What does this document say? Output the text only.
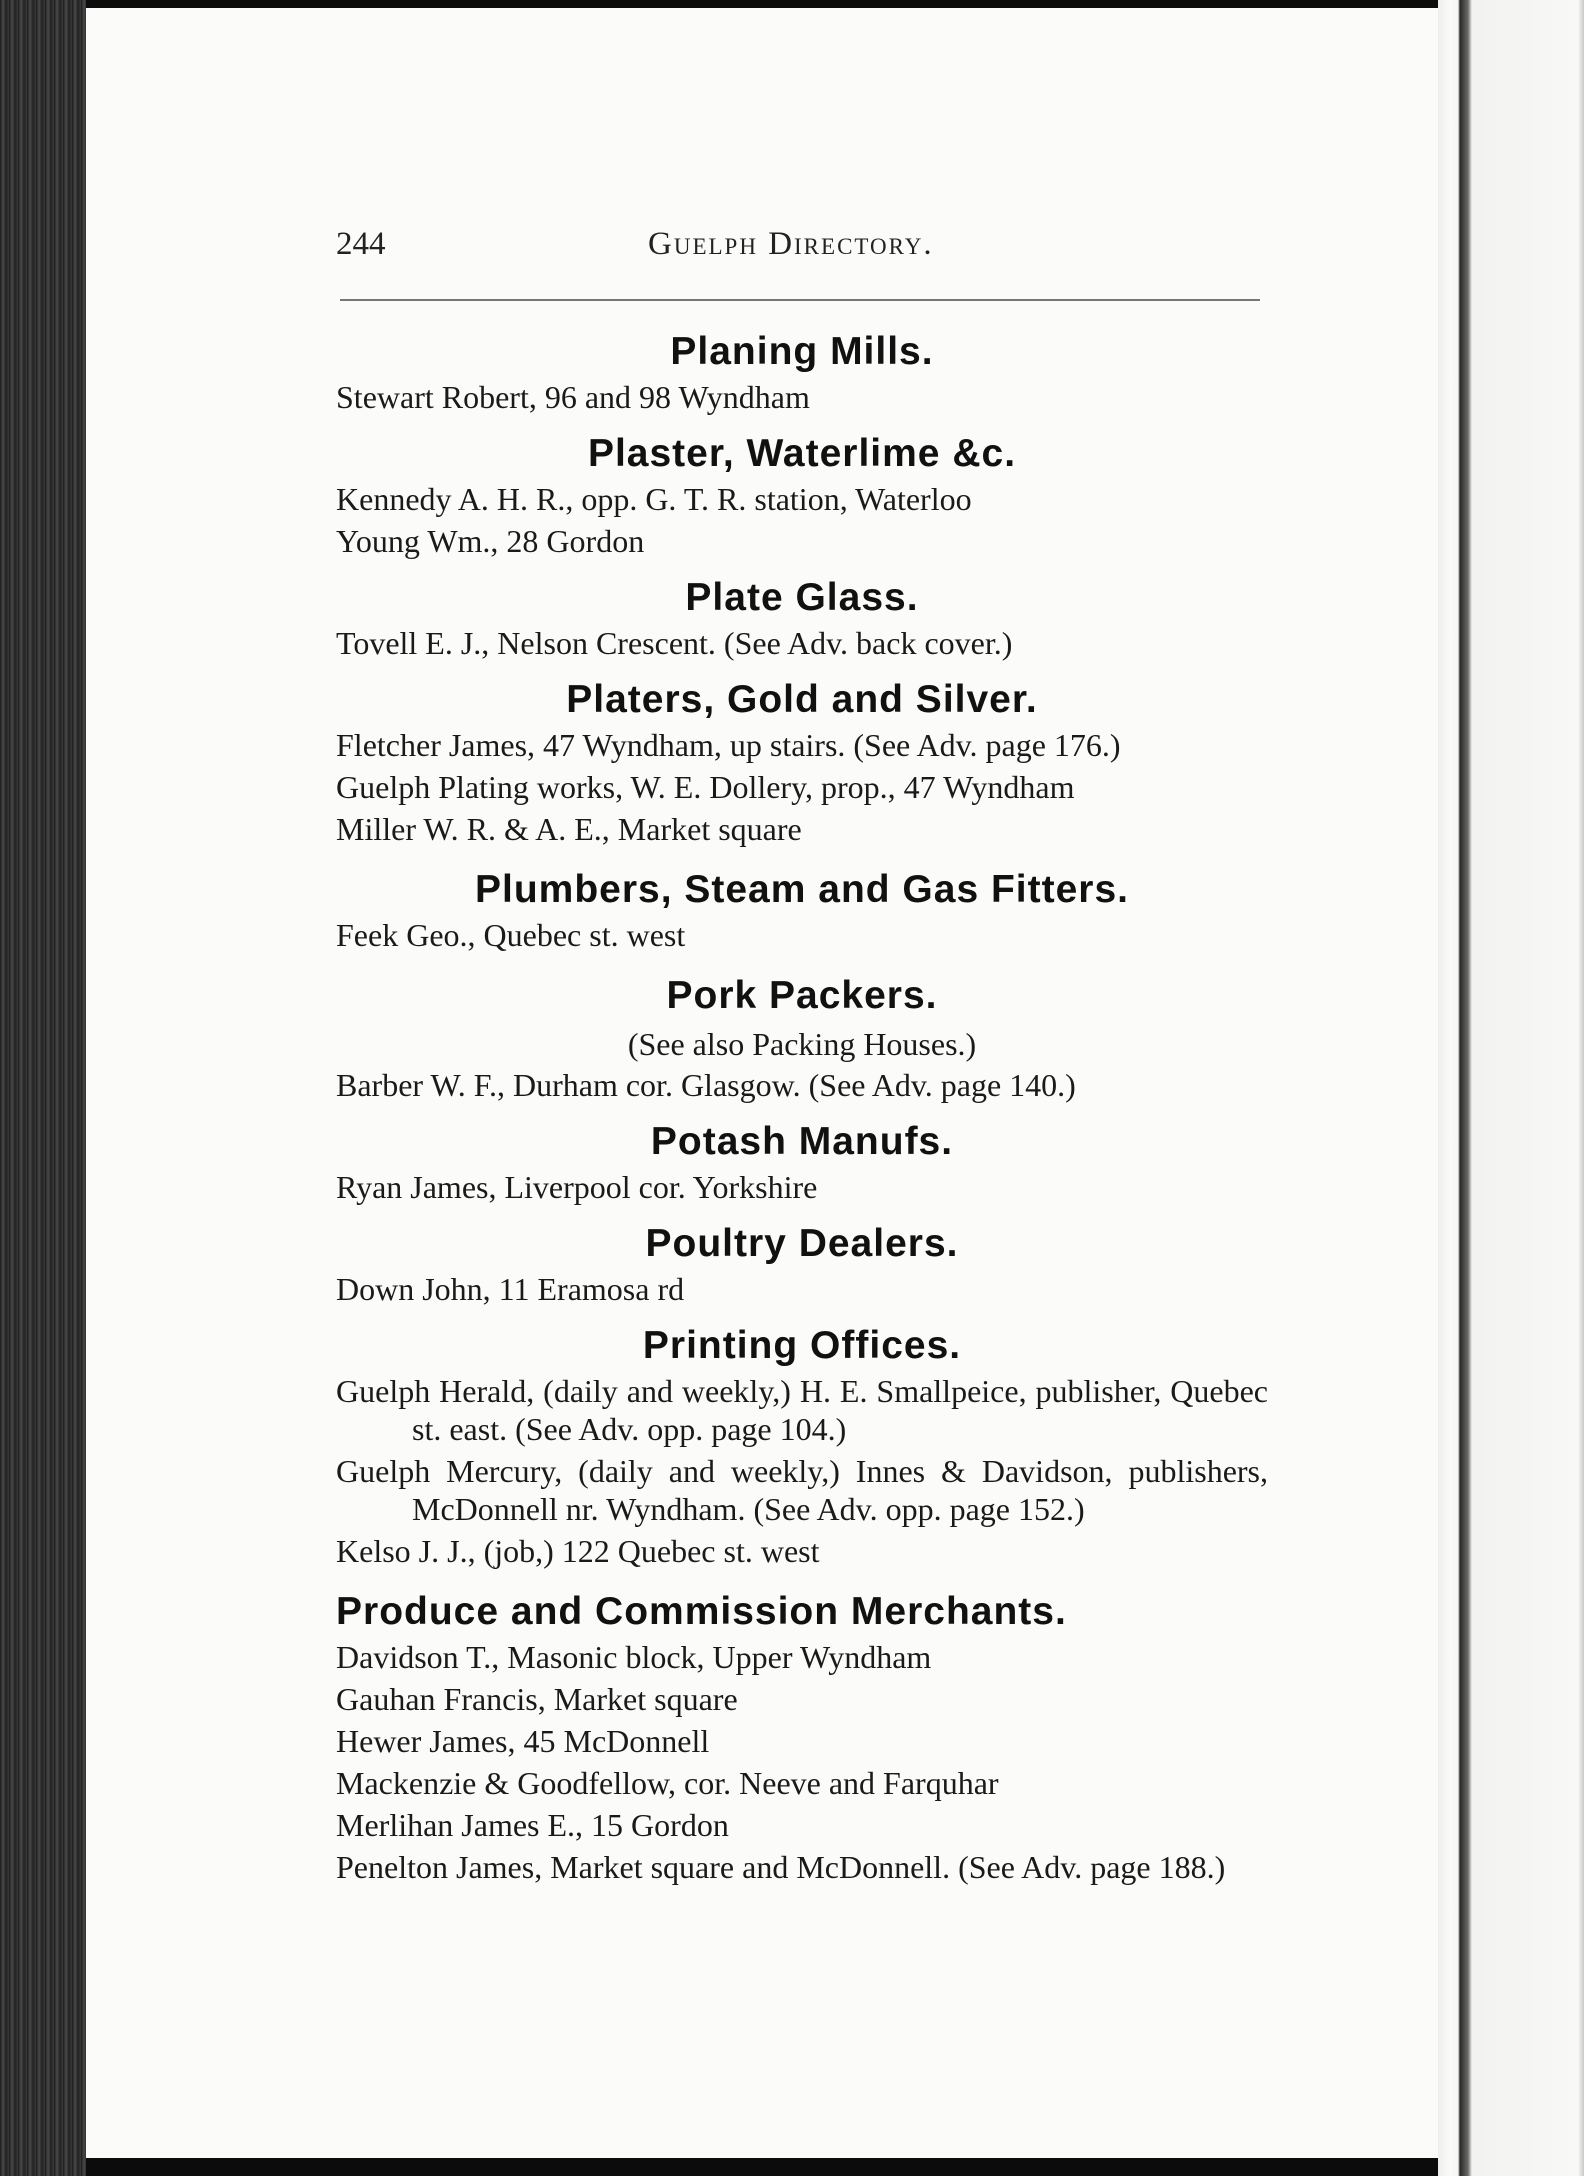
244	Guelph Directory.
Planing Mills.
Stewart Robert, 96 and 98 Wyndham
Plaster, Waterlime &c.
Kennedy A. H. R., opp. G. T. R. station, Waterloo
Young Wm., 28 Gordon
Plate Glass.
Tovell E. J., Nelson Crescent. (See Adv. back cover.)
Platers, Gold and Silver.
Fletcher James, 47 Wyndham, up stairs. (See Adv. page 176.)
Guelph Plating works, W. E. Dollery, prop., 47 Wyndham
Miller W. R. & A. E., Market square
Plumbers, Steam and Gas Fitters.
Feek Geo., Quebec st. west
Pork Packers.
(See also Packing Houses.)
Barber W. F., Durham cor. Glasgow. (See Adv. page 140.)
Potash Manufs.
Ryan James, Liverpool cor. Yorkshire
Poultry Dealers.
Down John, 11 Eramosa rd
Printing Offices.
Guelph Herald, (daily and weekly,) H. E. Smallpeice, publisher, Quebec st. east. (See Adv. opp. page 104.)
Guelph Mercury, (daily and weekly,) Innes & Davidson, publishers, McDonnell nr. Wyndham. (See Adv. opp. page 152.)
Kelso J. J., (job,) 122 Quebec st. west
Produce and Commission Merchants.
Davidson T., Masonic block, Upper Wyndham
Gauhan Francis, Market square
Hewer James, 45 McDonnell
Mackenzie & Goodfellow, cor. Neeve and Farquhar
Merlihan James E., 15 Gordon
Penelton James, Market square and McDonnell. (See Adv. page 188.)
